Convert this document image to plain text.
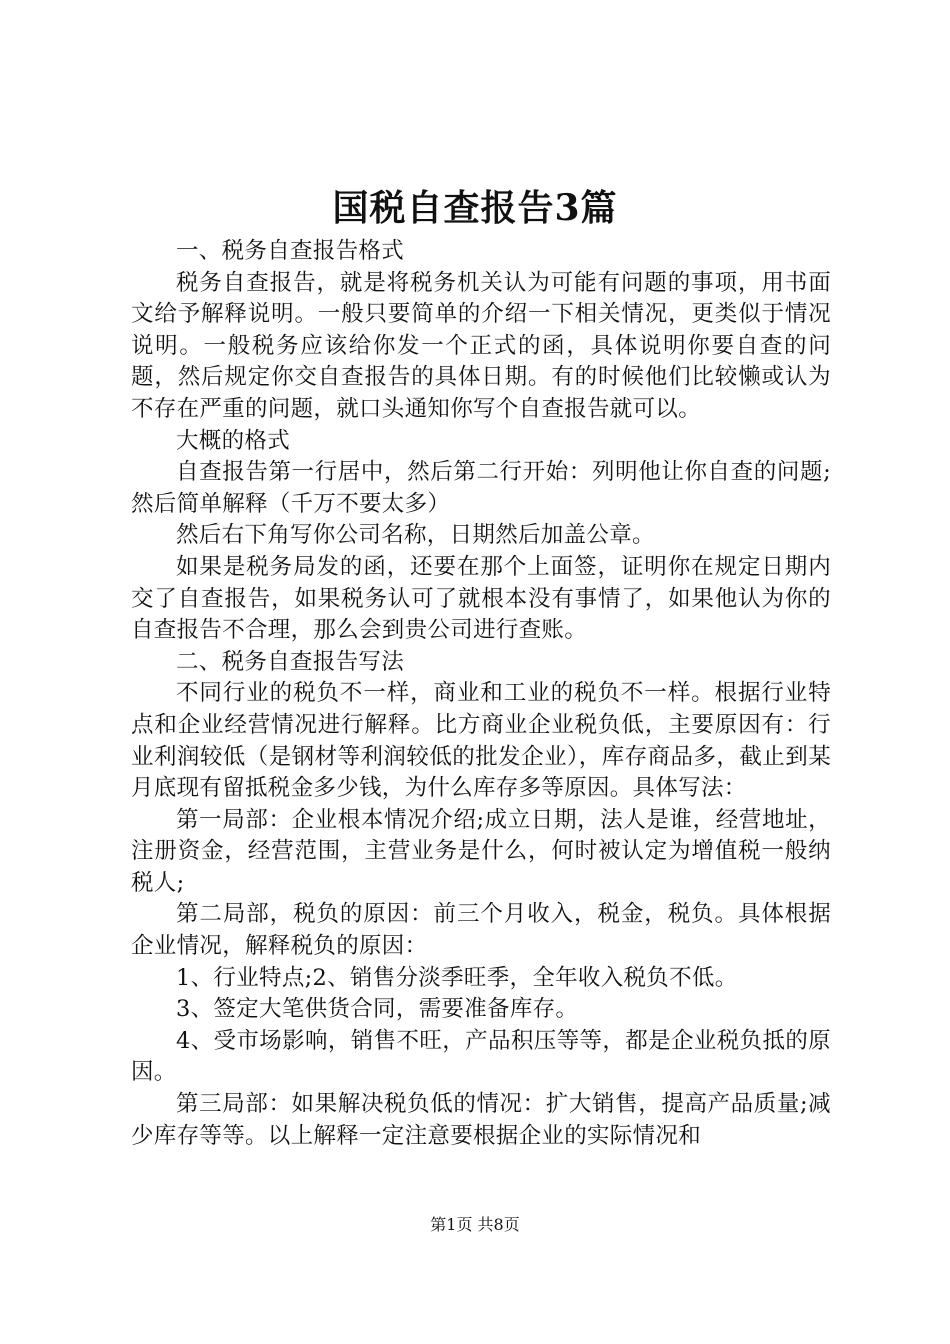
国税自查报告3篇

一、税务自查报告格式

税务自查报告，就是将税务机关认为可能有问题的事项，用书面文给予解释说明。一般只要简单的介绍一下相关情况，更类似于情况说明。一般税务应该给你发一个正式的函，具体说明你要自查的问题，然后规定你交自查报告的具体日期。有的时候他们比较懒或认为不存在严重的问题，就口头通知你写个自查报告就可以。

大概的格式

自查报告第一行居中，然后第二行开始：列明他让你自查的问题;然后简单解释（千万不要太多）

然后右下角写你公司名称，日期然后加盖公章。

如果是税务局发的函，还要在那个上面签，证明你在规定日期内交了自查报告，如果税务认可了就根本没有事情了，如果他认为你的自查报告不合理，那么会到贵公司进行查账。

二、税务自查报告写法

不同行业的税负不一样，商业和工业的税负不一样。根据行业特点和企业经营情况进行解释。比方商业企业税负低，主要原因有：行业利润较低（是钢材等利润较低的批发企业），库存商品多，截止到某月底现有留抵税金多少钱，为什么库存多等原因。具体写法：

第一局部：企业根本情况介绍;成立日期，法人是谁，经营地址，注册资金，经营范围，主营业务是什么，何时被认定为增值税一般纳税人;

第二局部，税负的原因：前三个月收入，税金，税负。具体根据企业情况，解释税负的原因：

1、行业特点;2、销售分淡季旺季，全年收入税负不低。

3、签定大笔供货合同，需要准备库存。

4、受市场影响，销售不旺，产品积压等等，都是企业税负抵的原因。

第三局部：如果解决税负低的情况：扩大销售，提高产品质量;减少库存等等。以上解释一定注意要根据企业的实际情况和

第1页 共8页
